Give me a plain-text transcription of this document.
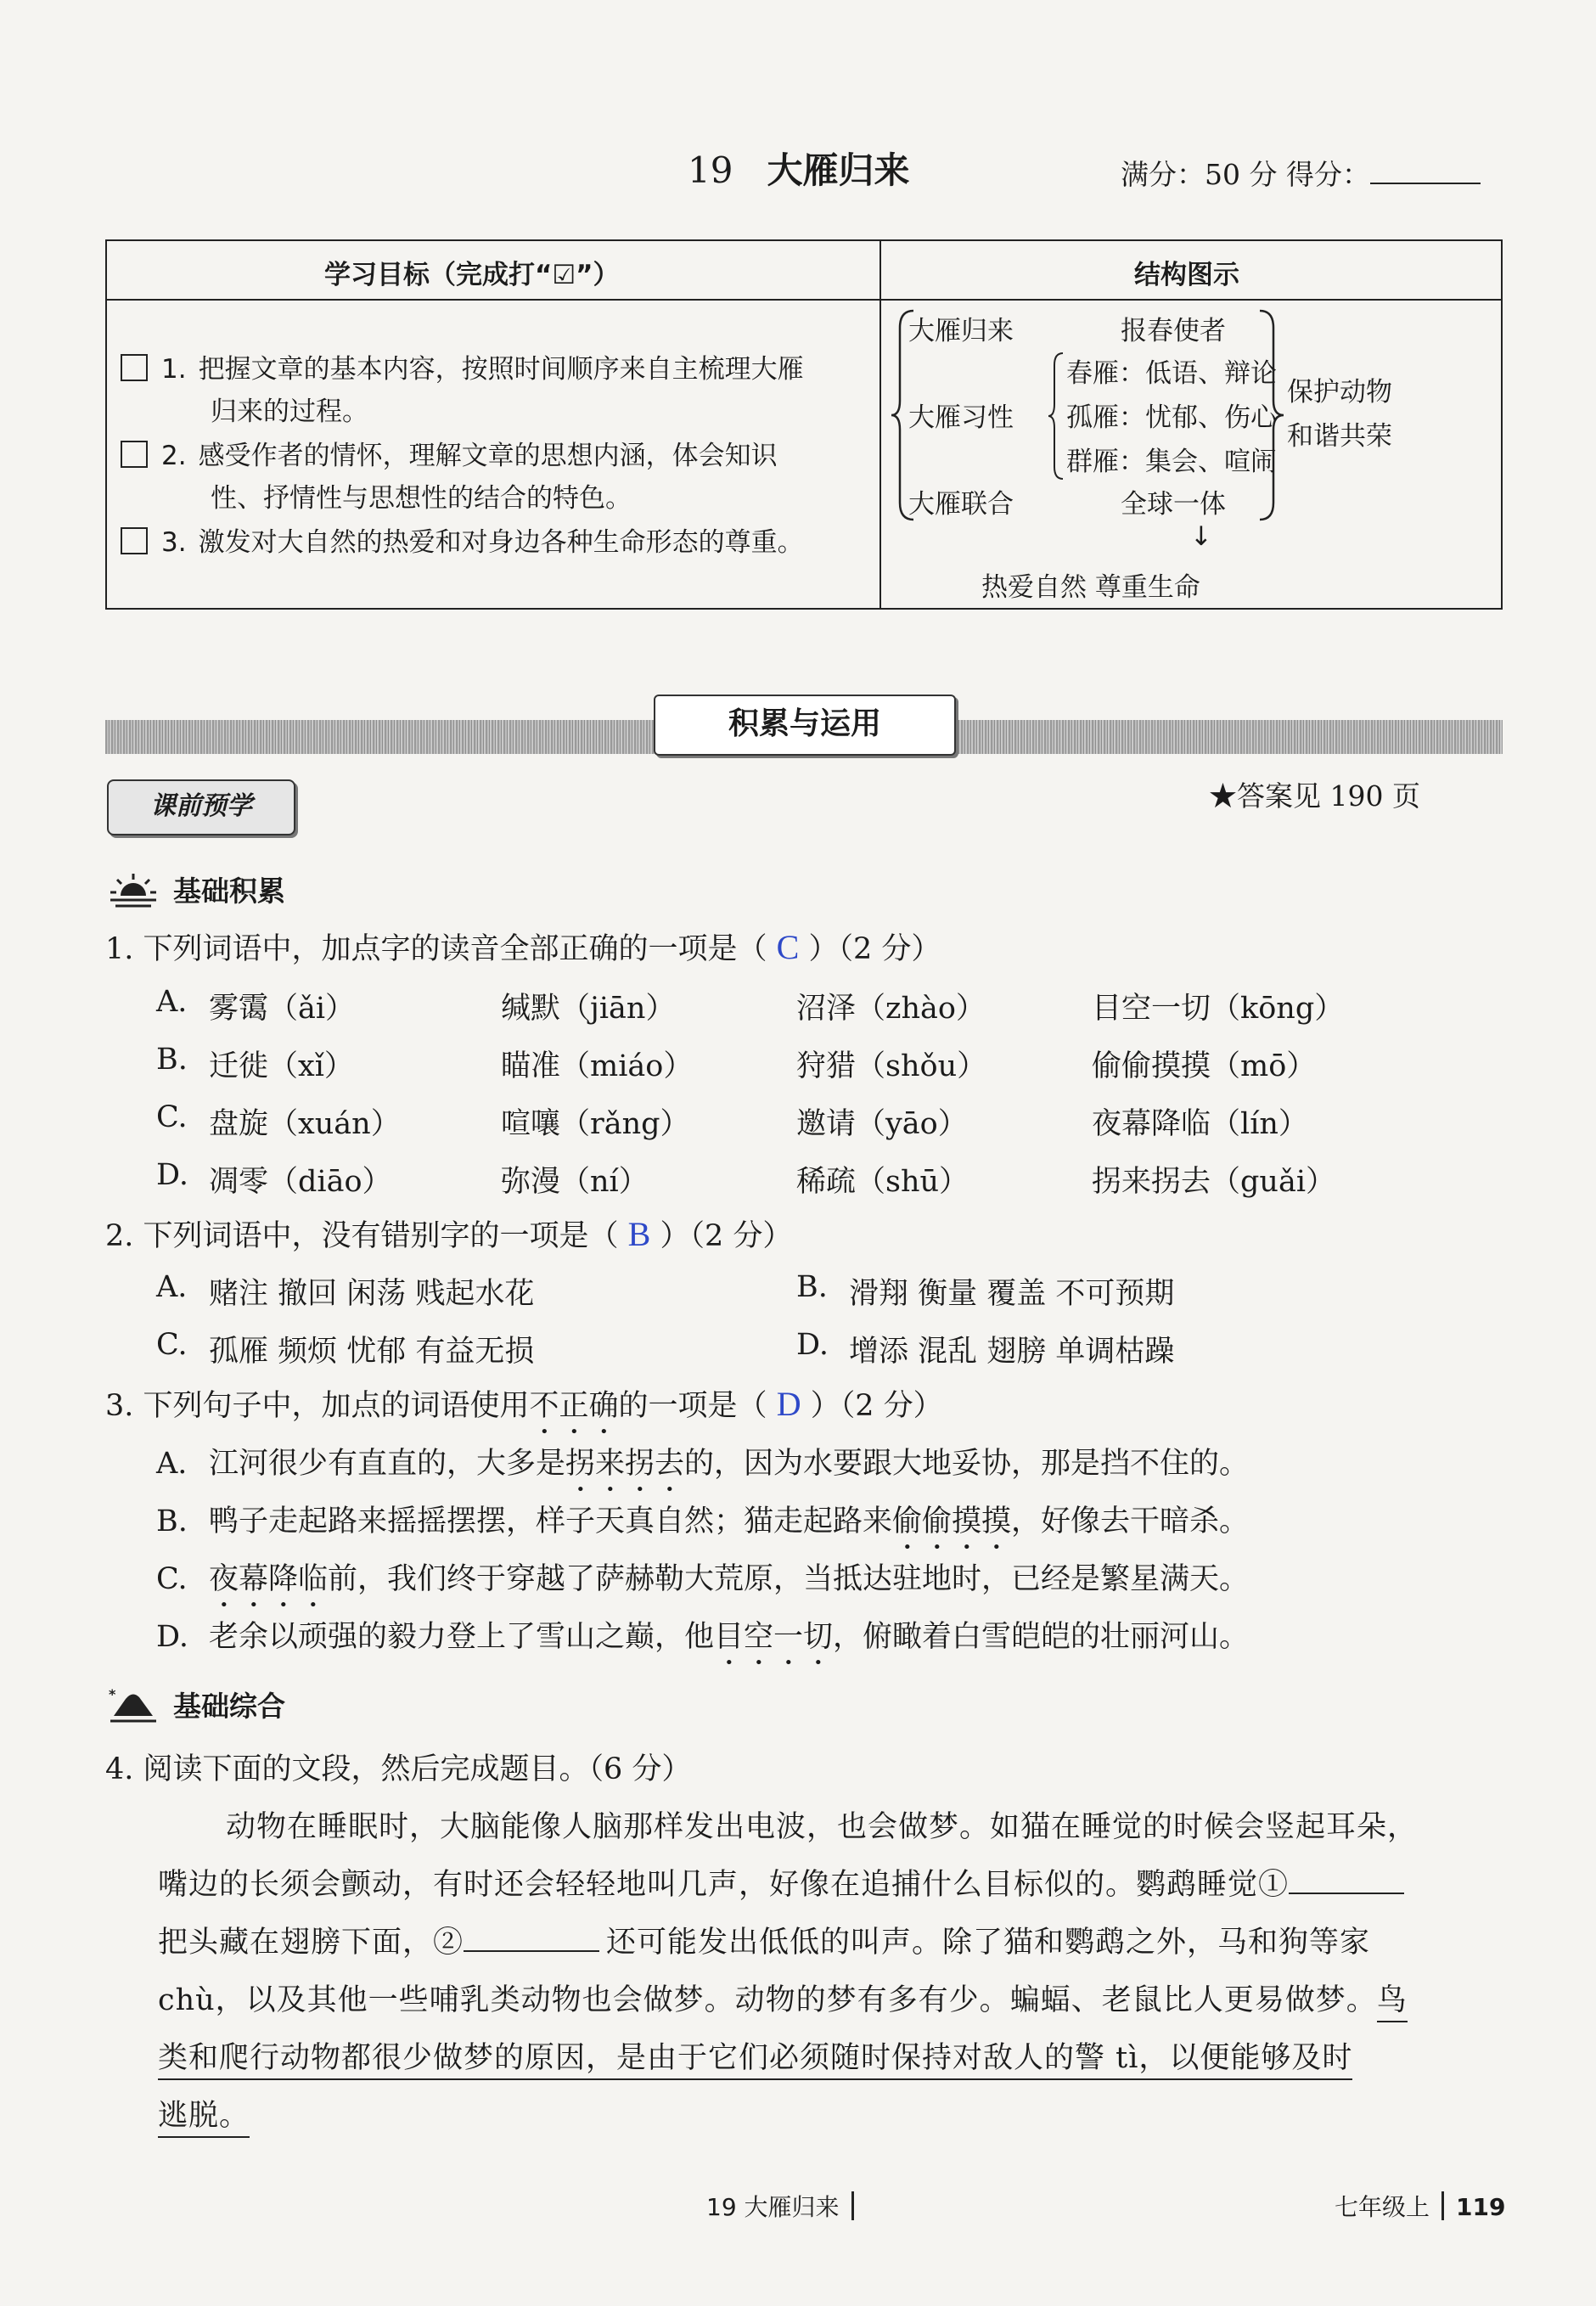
19 大雁归来	满分：50 分 得分：
学习目标（完成打“☑”）	结构图示
1. 把握文章的基本内容，按照时间顺序来自主梳理大雁
归来的过程。
2. 感受作者的情怀，理解文章的思想内涵，体会知识
性、抒情性与思想性的结合的特色。
3. 激发对大自然的热爱和对身边各种生命形态的尊重。
大雁归来	报春使者
大雁习性
春雁：低语、辩论
孤雁：忧郁、伤心
群雁：集会、喧闹
大雁联合	全球一体
保护动物
和谐共荣
↓
热爱自然 尊重生命
积累与运用
课前预学	★答案见 190 页
基础积累
1. 下列词语中，加点字的读音全部正确的一项是（ C ）（2 分）
A. 雾霭（ǎi）	缄默（jiān）	沼泽（zhào）	目空一切（kōng）
B. 迁徙（xǐ）	瞄准（miáo）	狩猎（shǒu）	偷偷摸摸（mō）
C. 盘旋（xuán）	喧嚷（rǎng）	邀请（yāo）	夜幕降临（lín）
D. 凋零（diāo）	弥漫（ní）	稀疏（shū）	拐来拐去（guǎi）
2. 下列词语中，没有错别字的一项是（ B ）（2 分）
A. 赌注 撤回 闲荡 贱起水花	B. 滑翔 衡量 覆盖 不可预期
C. 孤雁 频烦 忧郁 有益无损	D. 增添 混乱 翅膀 单调枯躁
3. 下列句子中，加点的词语使用不正确的一项是（ D ）（2 分）
A. 江河很少有直直的，大多是拐来拐去的，因为水要跟大地妥协，那是挡不住的。
B. 鸭子走起路来摇摇摆摆，样子天真自然；猫走起路来偷偷摸摸，好像去干暗杀。
C. 夜幕降临前，我们终于穿越了萨赫勒大荒原，当抵达驻地时，已经是繁星满天。
D. 老余以顽强的毅力登上了雪山之巅，他目空一切，俯瞰着白雪皑皑的壮丽河山。
* 基础综合
4. 阅读下面的文段，然后完成题目。（6 分）
动物在睡眠时，大脑能像人脑那样发出电波，也会做梦。如猫在睡觉的时候会竖起耳朵，
嘴边的长须会颤动，有时还会轻轻地叫几声，好像在追捕什么目标似的。鹦鹉睡觉①
把头藏在翅膀下面，②	还可能发出低低的叫声。除了猫和鹦鹉之外，马和狗等家
chù，以及其他一些哺乳类动物也会做梦。动物的梦有多有少。蝙蝠、老鼠比人更易做梦。鸟
类和爬行动物都很少做梦的原因，是由于它们必须随时保持对敌人的警 tì，以便能够及时
逃脱。
19 大雁归来	七年级上 119
